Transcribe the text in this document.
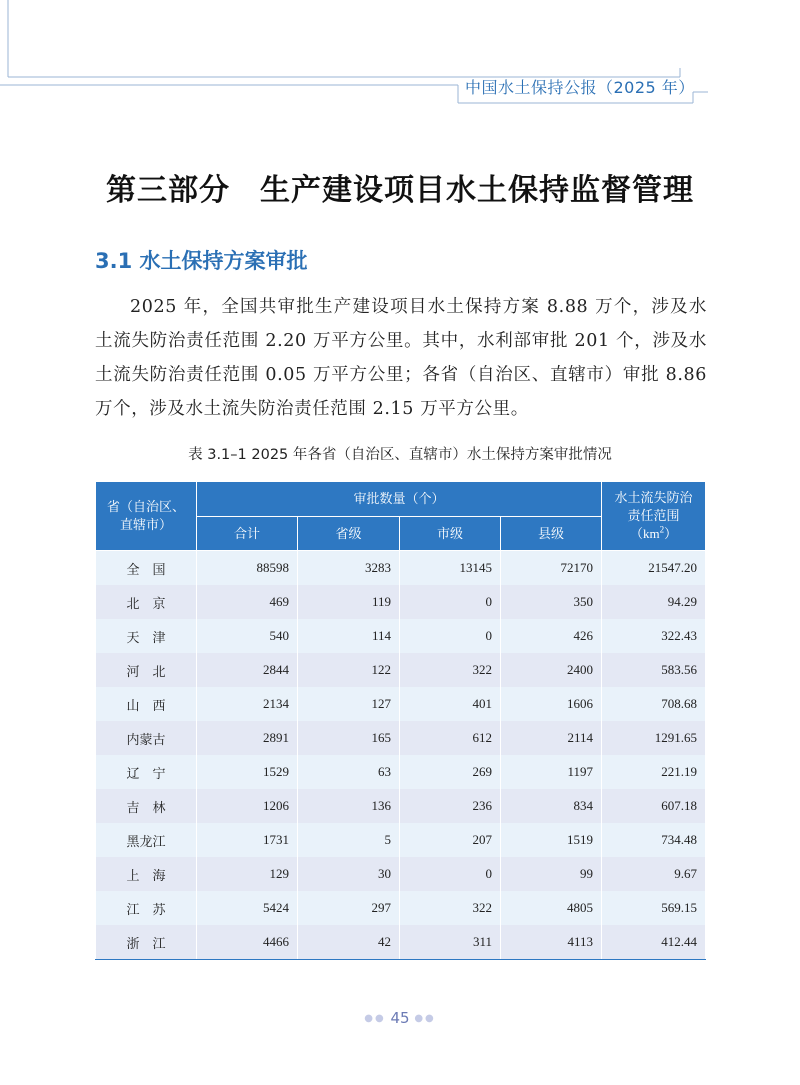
中国水土保持公报（2025 年）
第三部分 生产建设项目水土保持监督管理
3.1 水土保持方案审批
2025 年，全国共审批生产建设项目水土保持方案 8.88 万个，涉及水土流失防治责任范围 2.20 万平方公里。其中，水利部审批 201 个，涉及水土流失防治责任范围 0.05 万平方公里；各省（自治区、直辖市）审批 8.86 万个，涉及水土流失防治责任范围 2.15 万平方公里。
表 3.1–1 2025 年各省（自治区、直辖市）水土保持方案审批情况
省（自治区、直辖市）	审批数量（个）				水土流失防治责任范围
$(km^2)$
	合计	省级	市级	县级	
全　国	88598	3283	13145	72170	21547.20
北　京	469	119	0	350	94.29
天　津	540	114	0	426	322.43
河　北	2844	122	322	2400	583.56
山　西	2134	127	401	1606	708.68
内蒙古	2891	165	612	2114	1291.65
辽　宁	1529	63	269	1197	221.19
吉　林	1206	136	236	834	607.18
黑龙江	1731	5	207	1519	734.48
上　海	129	30	0	99	9.67
江　苏	5424	297	322	4805	569.15
浙　江	4466	42	311	4113	412.44
●● 45 ●●
